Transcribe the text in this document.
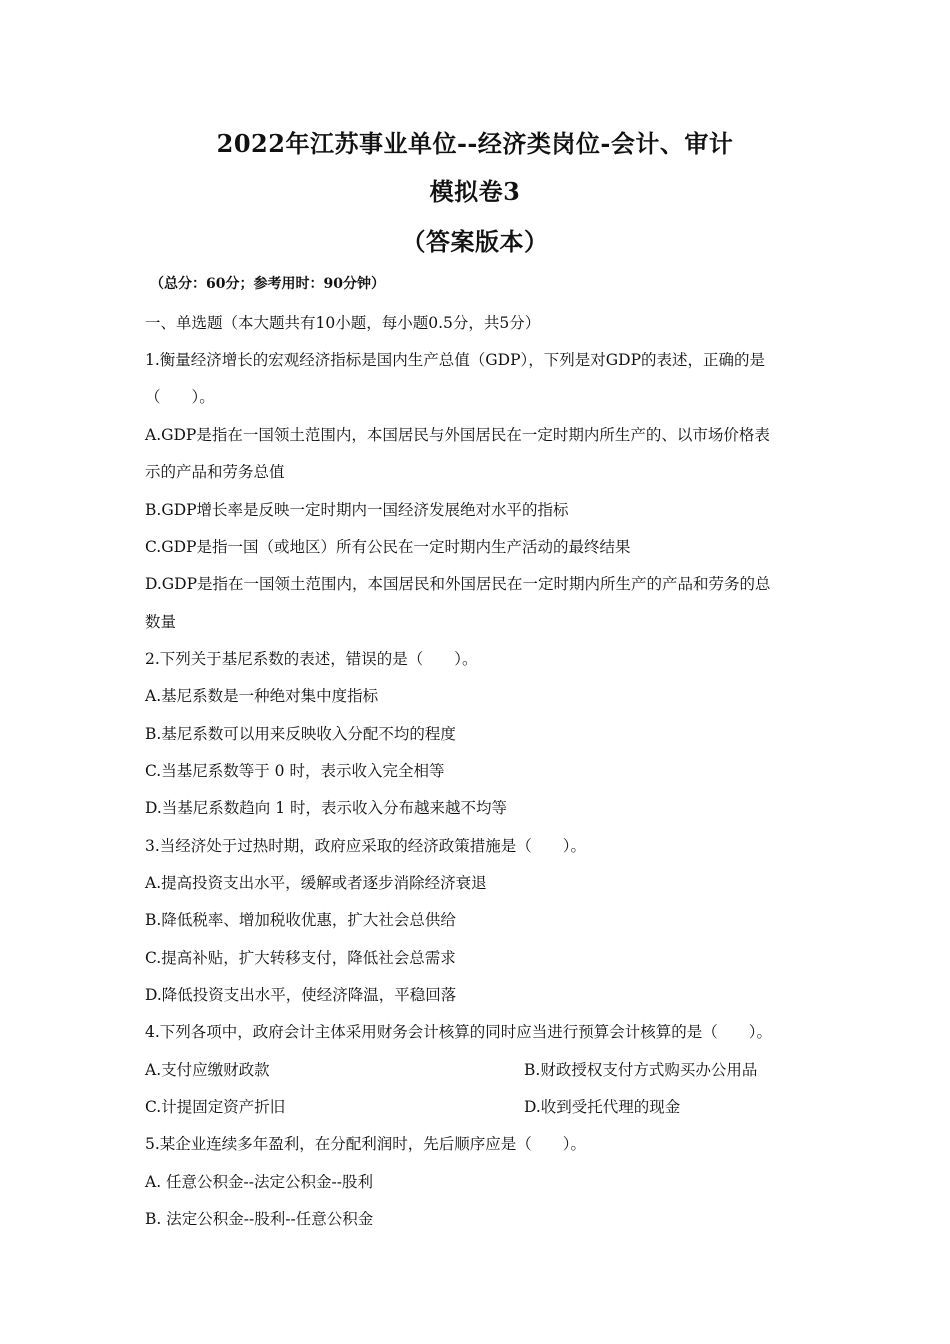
2022年江苏事业单位--经济类岗位-会计、审计
模拟卷3
（答案版本）
（总分：60分；参考用时：90分钟）
一、单选题（本大题共有10小题，每小题0.5分，共5分）
1.衡量经济增长的宏观经济指标是国内生产总值（GDP），下列是对GDP的表述，正确的是
（　　）。
A.GDP是指在一国领土范围内，本国居民与外国居民在一定时期内所生产的、以市场价格表
示的产品和劳务总值
B.GDP增长率是反映一定时期内一国经济发展绝对水平的指标
C.GDP是指一国（或地区）所有公民在一定时期内生产活动的最终结果
D.GDP是指在一国领土范围内，本国居民和外国居民在一定时期内所生产的产品和劳务的总
数量
2.下列关于基尼系数的表述，错误的是（　　）。
A.基尼系数是一种绝对集中度指标
B.基尼系数可以用来反映收入分配不均的程度
C.当基尼系数等于 0 时，表示收入完全相等
D.当基尼系数趋向 1 时，表示收入分布越来越不均等
3.当经济处于过热时期，政府应采取的经济政策措施是（　　）。
A.提高投资支出水平，缓解或者逐步消除经济衰退
B.降低税率、增加税收优惠，扩大社会总供给
C.提高补贴，扩大转移支付，降低社会总需求
D.降低投资支出水平，使经济降温，平稳回落
4.下列各项中，政府会计主体采用财务会计核算的同时应当进行预算会计核算的是（　　）。
A.支付应缴财政款	B.财政授权支付方式购买办公用品
C.计提固定资产折旧	D.收到受托代理的现金
5.某企业连续多年盈利，在分配利润时，先后顺序应是（　　）。
A. 任意公积金--法定公积金--股利
B. 法定公积金--股利--任意公积金
